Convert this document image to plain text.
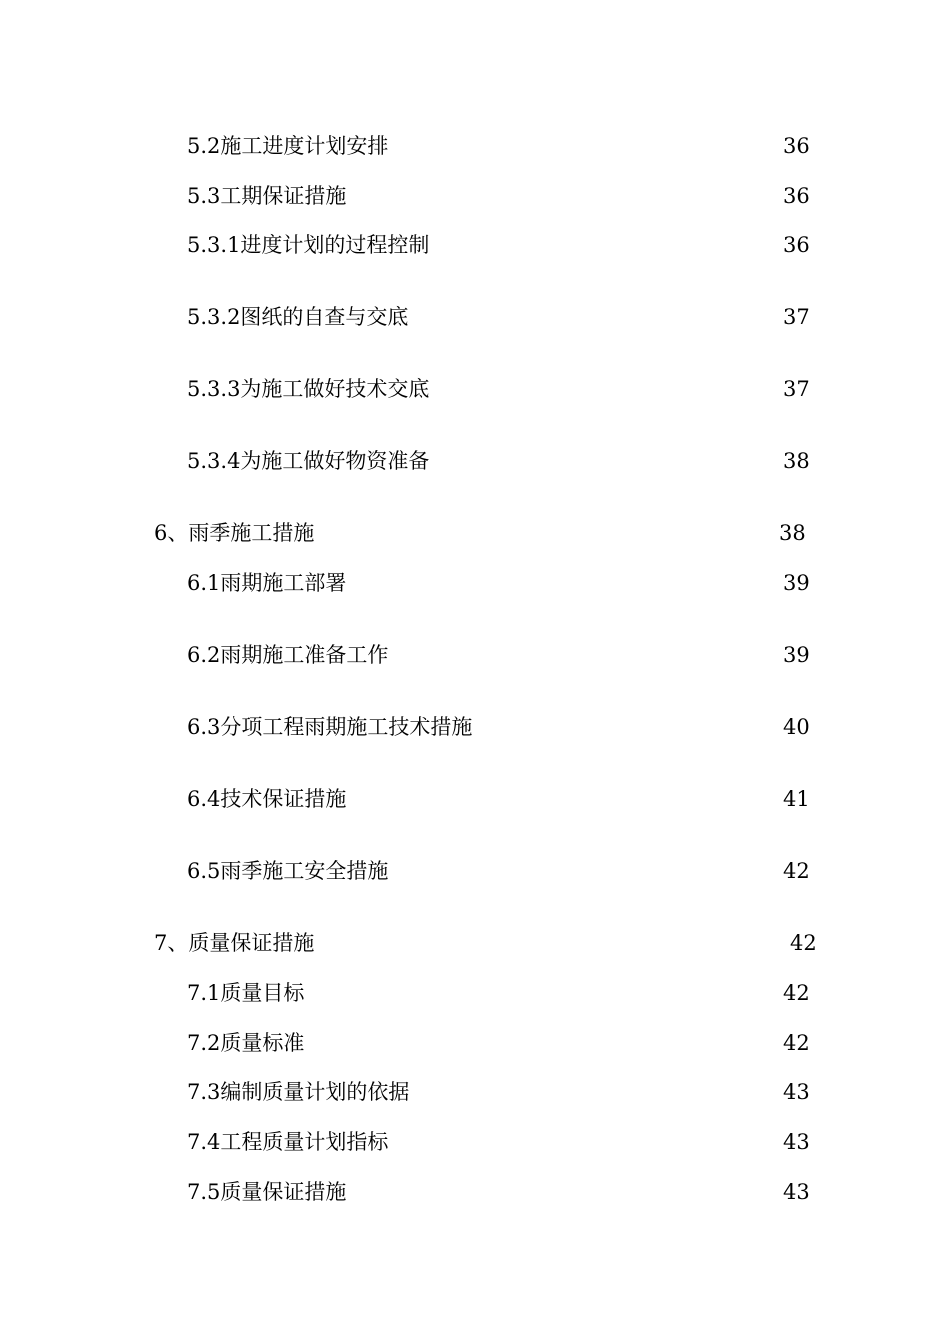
5.2施工进度计划安排	36
5.3工期保证措施	36
5.3.1进度计划的过程控制	36
5.3.2图纸的自查与交底	37
5.3.3为施工做好技术交底	37
5.3.4为施工做好物资准备	38
6、雨季施工措施	38
6.1雨期施工部署	39
6.2雨期施工准备工作	39
6.3分项工程雨期施工技术措施	40
6.4技术保证措施	41
6.5雨季施工安全措施	42
7、质量保证措施	42
7.1质量目标	42
7.2质量标准	42
7.3编制质量计划的依据	43
7.4工程质量计划指标	43
7.5质量保证措施	43
